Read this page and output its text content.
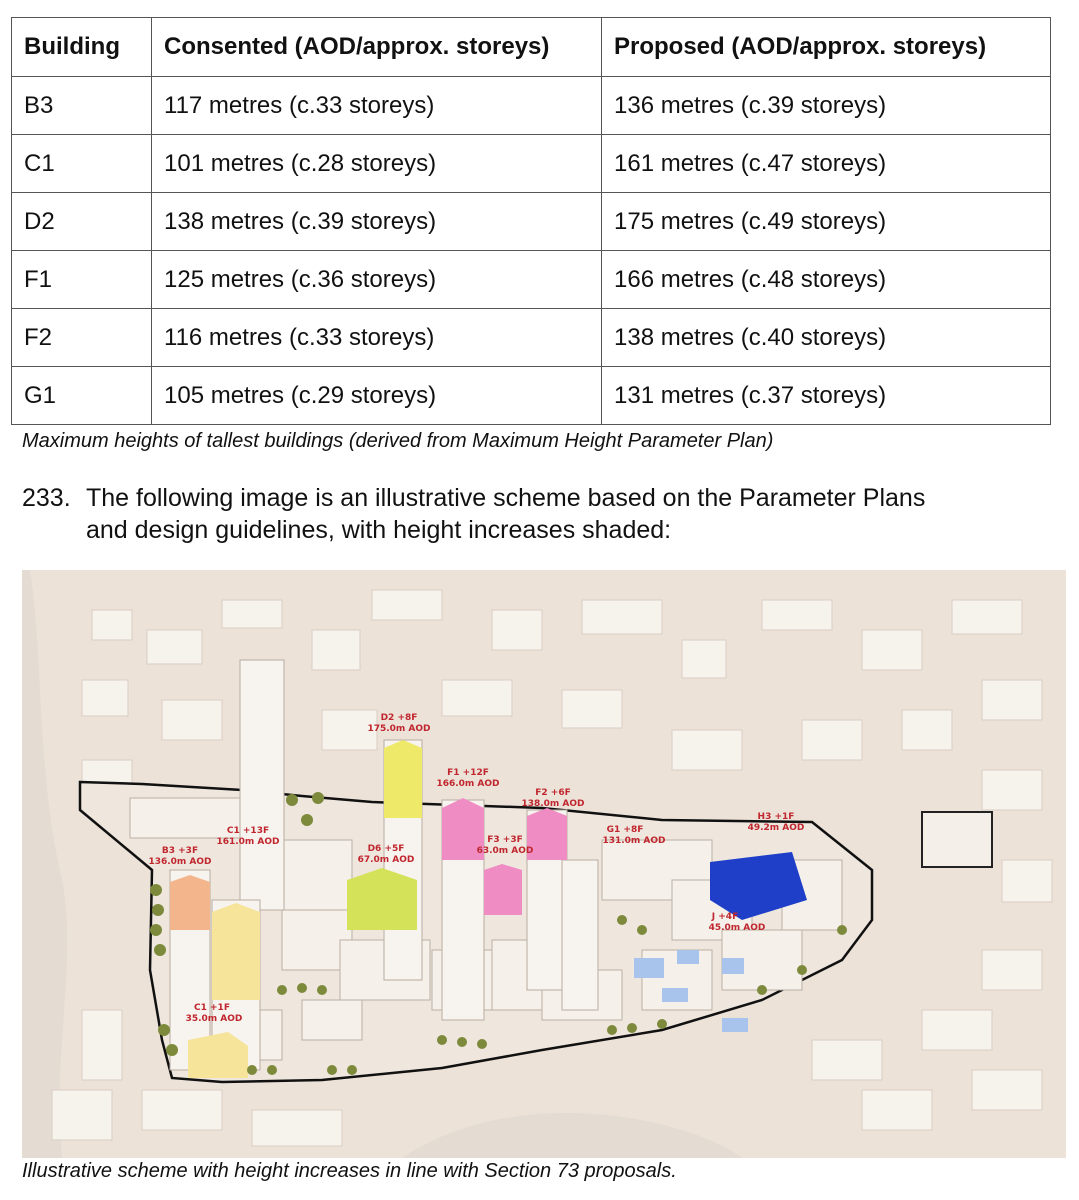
Building	Consented (AOD/approx. storeys)	Proposed (AOD/approx. storeys)
B3	117 metres (c.33 storeys)	136 metres (c.39 storeys)
C1	101 metres (c.28 storeys)	161 metres (c.47 storeys)
D2	138 metres (c.39 storeys)	175 metres (c.49 storeys)
F1	125 metres (c.36 storeys)	166 metres (c.48 storeys)
F2	116 metres (c.33 storeys)	138 metres (c.40 storeys)
G1	105 metres (c.29 storeys)	131 metres (c.37 storeys)
Maximum heights of tallest buildings (derived from Maximum Height Parameter Plan)
233. The following image is an illustrative scheme based on the Parameter Plans
and design guidelines, with height increases shaded:
D2 +8F
175.0m AOD
F1 +12F
166.0m AOD
F2 +6F
138.0m AOD
C1 +13F
161.0m AOD
B3 +3F
136.0m AOD
D6 +5F
67.0m AOD
F3 +3F
63.0m AOD
G1 +8F
131.0m AOD
H3 +1F
49.2m AOD
J +4F
45.0m AOD
C1 +1F
35.0m AOD
Illustrative scheme with height increases in line with Section 73 proposals.
